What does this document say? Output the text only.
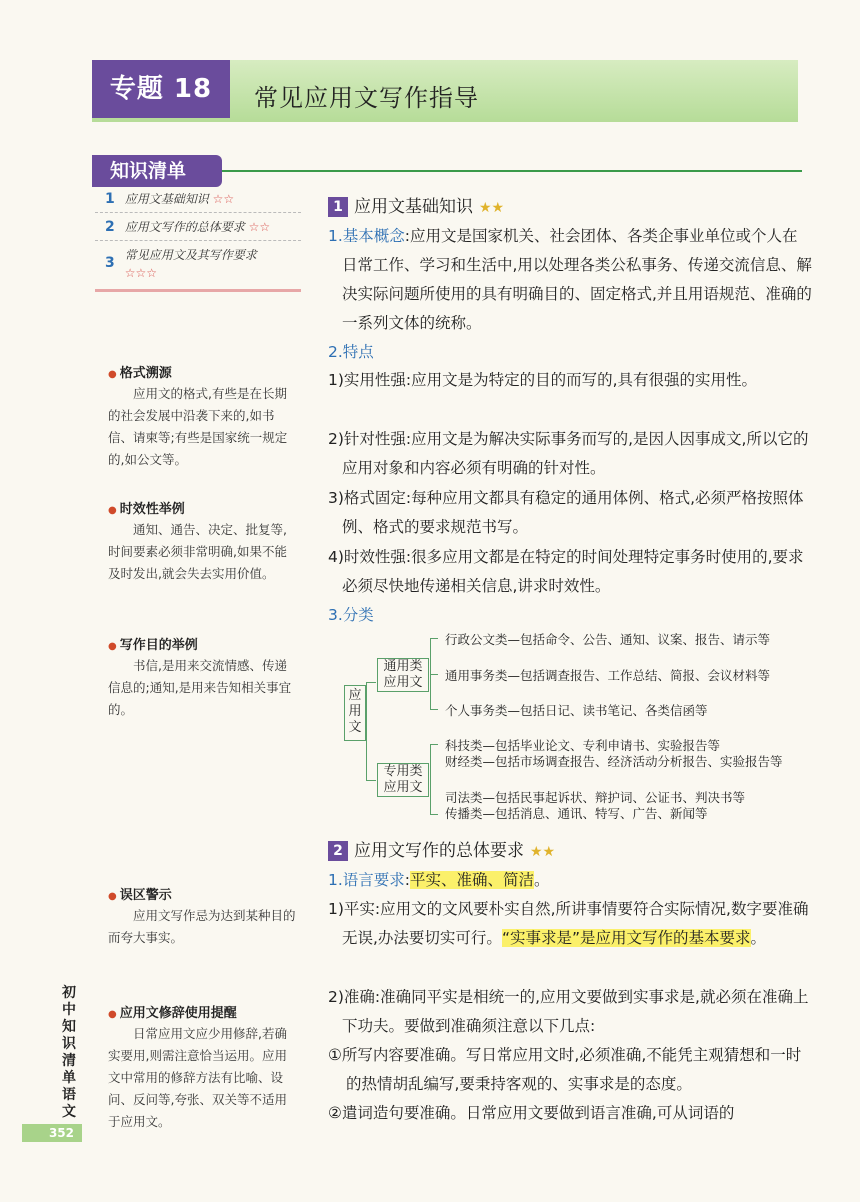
专题 18	常见应用文写作指导
知识清单
1 应用文基础知识 ☆☆
2 应用文写作的总体要求 ☆☆
3 常见应用文及其写作要求
☆☆☆
● 格式溯源
应用文的格式,有些是在长期的社会发展中沿袭下来的,如书信、请柬等;有些是国家统一规定的,如公文等。
● 时效性举例
通知、通告、决定、批复等,时间要素必须非常明确,如果不能及时发出,就会失去实用价值。
● 写作目的举例
书信,是用来交流情感、传递信息的;通知,是用来告知相关事宜的。
● 误区警示
应用文写作忌为达到某种目的而夸大事实。
● 应用文修辞使用提醒
日常应用文应少用修辞,若确实要用,则需注意恰当运用。应用文中常用的修辞方法有比喻、设问、反问等,夸张、双关等不适用于应用文。
1 应用文基础知识 ★★
1.基本概念:应用文是国家机关、社会团体、各类企事业单位或个人在日常工作、学习和生活中,用以处理各类公私事务、传递交流信息、解决实际问题所使用的具有明确目的、固定格式,并且用语规范、准确的一系列文体的统称。
2.特点
1)实用性强:应用文是为特定的目的而写的,具有很强的实用性。
2)针对性强:应用文是为解决实际事务而写的,是因人因事成文,所以它的应用对象和内容必须有明确的针对性。
3)格式固定:每种应用文都具有稳定的通用体例、格式,必须严格按照体例、格式的要求规范书写。
4)时效性强:很多应用文都是在特定的时间处理特定事务时使用的,要求必须尽快地传递相关信息,讲求时效性。
3.分类
应用文
通用类应用文
行政公文类—包括命令、公告、通知、议案、报告、请示等
通用事务类—包括调查报告、工作总结、简报、会议材料等
个人事务类—包括日记、读书笔记、各类信函等
专用类应用文
科技类—包括毕业论文、专利申请书、实验报告等
财经类—包括市场调查报告、经济活动分析报告、实验报告等
司法类—包括民事起诉状、辩护词、公证书、判决书等
传播类—包括消息、通讯、特写、广告、新闻等
2 应用文写作的总体要求 ★★
1.语言要求:平实、准确、简洁。
1)平实:应用文的文风要朴实自然,所讲事情要符合实际情况,数字要准确无误,办法要切实可行。“实事求是”是应用文写作的基本要求。
2)准确:准确同平实是相统一的,应用文要做到实事求是,就必须在准确上下功夫。要做到准确须注意以下几点:
①所写内容要准确。写日常应用文时,必须准确,不能凭主观猜想和一时的热情胡乱编写,要秉持客观的、实事求是的态度。
②遣词造句要准确。日常应用文要做到语言准确,可从词语的
初中知识清单 语文
352
